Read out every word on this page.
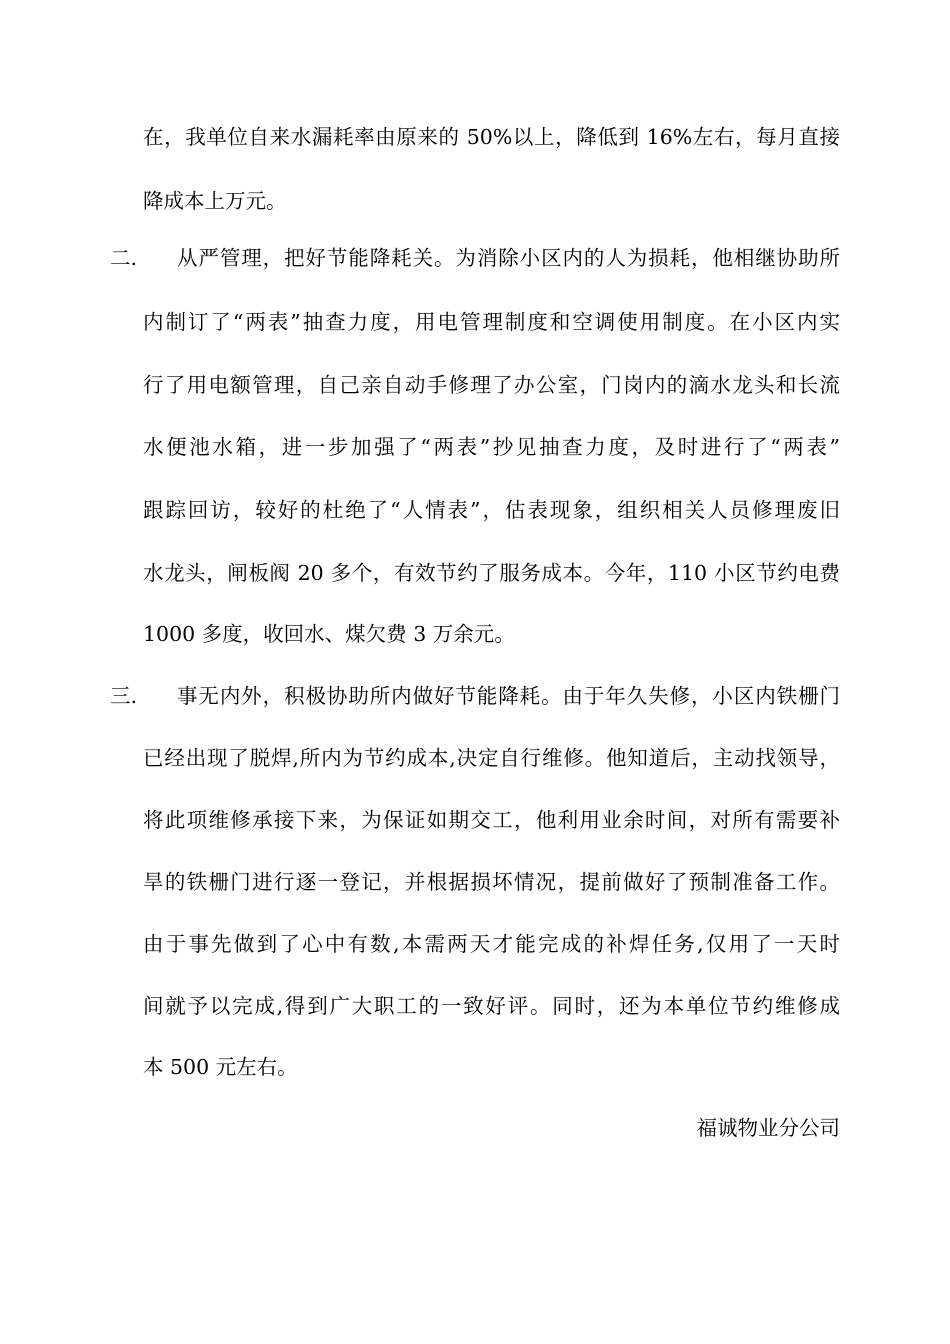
在，我单位自来水漏耗率由原来的 50%以上，降低到 16%左右，每月直接
降成本上万元。
二. 从严管理，把好节能降耗关。为消除小区内的人为损耗，他相继协助所
内制订了“两表”抽查力度，用电管理制度和空调使用制度。在小区内实
行了用电额管理，自己亲自动手修理了办公室，门岗内的滴水龙头和长流
水便池水箱，进一步加强了“两表”抄见抽查力度，及时进行了“两表”
跟踪回访，较好的杜绝了“人情表”，估表现象，组织相关人员修理废旧
水龙头，闸板阀 20 多个，有效节约了服务成本。今年，110 小区节约电费
1000 多度，收回水、煤欠费 3 万余元。
三. 事无内外，积极协助所内做好节能降耗。由于年久失修，小区内铁栅门
已经出现了脱焊,所内为节约成本,决定自行维修。他知道后，主动找领导，
将此项维修承接下来，为保证如期交工，他利用业余时间，对所有需要补
旱的铁栅门进行逐一登记，并根据损坏情况，提前做好了预制准备工作。
由于事先做到了心中有数,本需两天才能完成的补焊任务,仅用了一天时
间就予以完成,得到广大职工的一致好评。同时，还为本单位节约维修成
本 500 元左右。
福诚物业分公司
